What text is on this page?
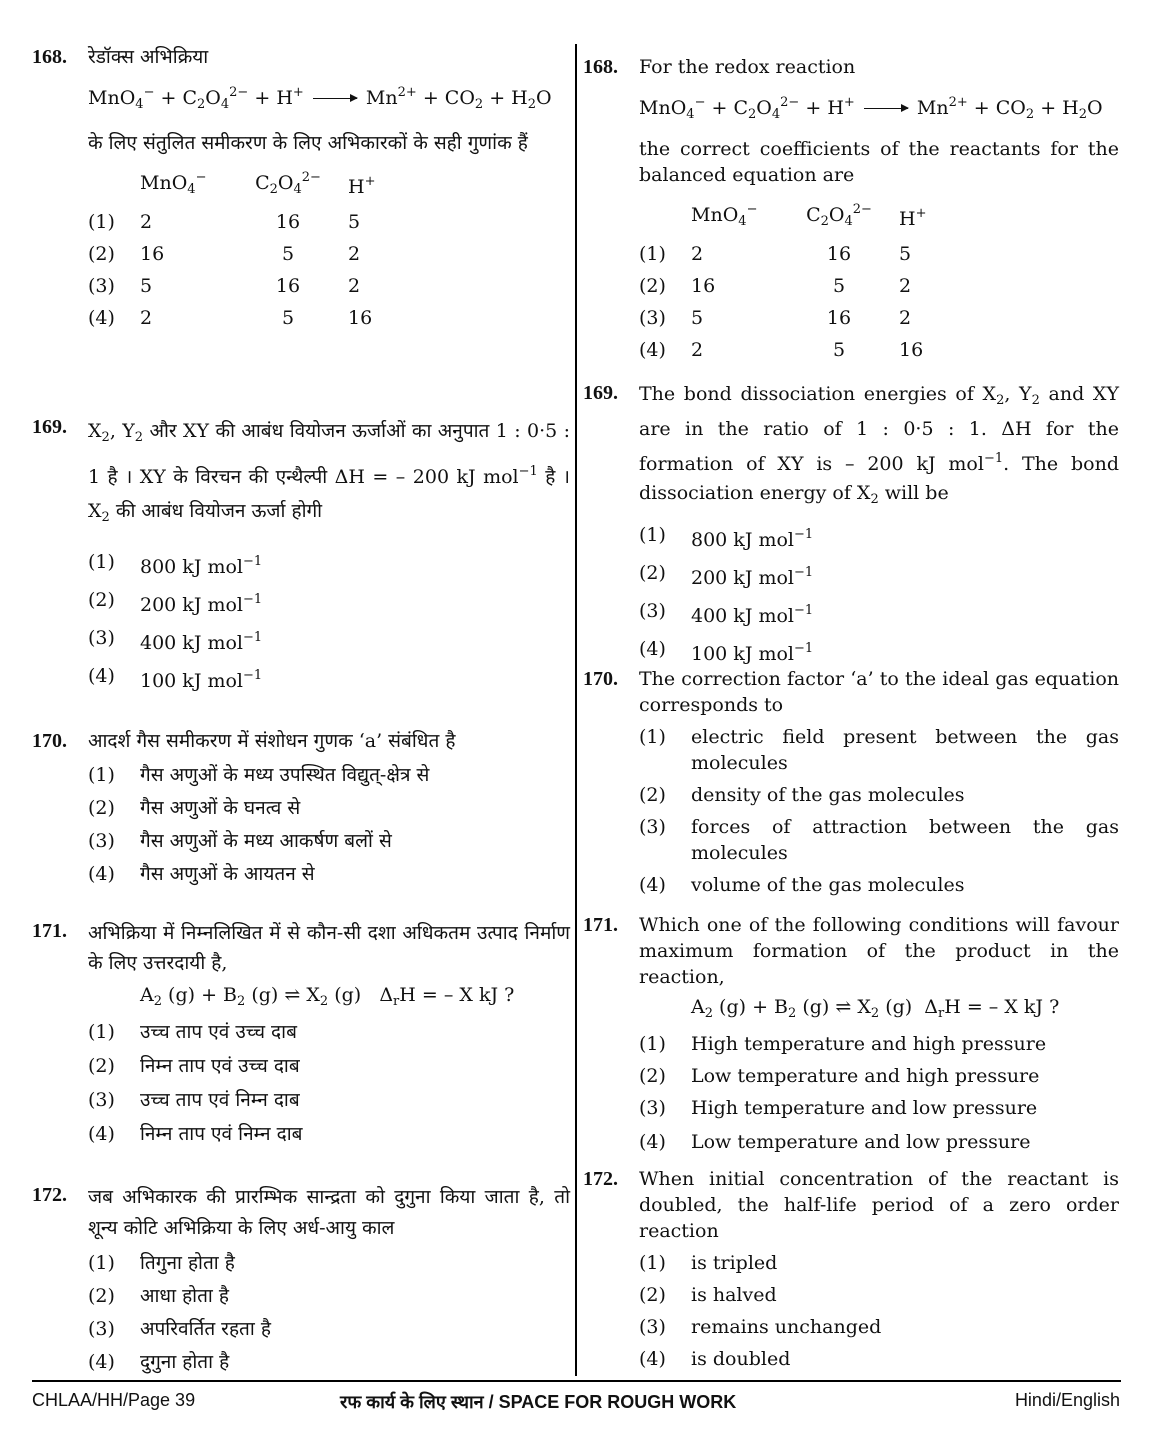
168. रेडॉक्स अभिक्रिया
$MnO_4^- + C_2O_4^{2-} + H^+ \to Mn^{2+} + CO_2 + H_2O$
के लिए संतुलित समीकरण के लिए अभिकारकों के सही गुणांक हैं
	MnO$_4$−	$C_2O_4^{2-}$	H+
(1)	2	16	5
(2)	16	5	2
(3)	5	16	2
(4)	2	5	16
169. $X_2$, $Y_2$ और XY की आबंध वियोजन ऊर्जाओं का अनुपात 1 : 0·5 : 1 है । XY के विरचन की एन्थैल्पी ΔH = – 200 kJ mol$^{-1}$ है । $X_2$ की आबंध वियोजन ऊर्जा होगी
(1) 800 kJ mol$^{-1}$
(2) 200 kJ mol$^{-1}$
(3) 400 kJ mol$^{-1}$
(4) 100 kJ mol$^{-1}$
170. आदर्श गैस समीकरण में संशोधन गुणक ‘a’ संबंधित है
(1) गैस अणुओं के मध्य उपस्थित विद्युत्-क्षेत्र से
(2) गैस अणुओं के घनत्व से
(3) गैस अणुओं के मध्य आकर्षण बलों से
(4) गैस अणुओं के आयतन से
171. अभिक्रिया में निम्नलिखित में से कौन-सी दशा अधिकतम उत्पाद निर्माण के लिए उत्तरदायी है,
$A_2$ $(g) + B_2$ (g) ⇌ $X_2$ (g) $\Delta_rH$ = – X kJ ?
(1) उच्च ताप एवं उच्च दाब
(2) निम्न ताप एवं उच्च दाब
(3) उच्च ताप एवं निम्न दाब
(4) निम्न ताप एवं निम्न दाब
172. जब अभिकारक की प्रारम्भिक सान्द्रता को दुगुना किया जाता है, तो शून्य कोटि अभिक्रिया के लिए अर्ध-आयु काल
(1) तिगुना होता है
(2) आधा होता है
(3) अपरिवर्तित रहता है
(4) दुगुना होता है
168. For the redox reaction
$MnO_4^- + C_2O_4^{2-} + H^+ \to Mn^{2+} + CO_2 + H_2O$
the correct coefficients of the reactants for the balanced equation are
	MnO$_4$−	$C_2O_4^{2-}$	H+
(1)	2	16	5
(2)	16	5	2
(3)	5	16	2
(4)	2	5	16
169. The bond dissociation energies of $X_2$, $Y_2$ and XY are in the ratio of 1 : 0·5 : 1. ΔH for the formation of XY is – 200 kJ mol$^{-1}$. The bond dissociation energy of $X_2$ will be
(1) 800 kJ mol$^{-1}$
(2) 200 kJ mol$^{-1}$
(3) 400 kJ mol$^{-1}$
(4) 100 kJ mol$^{-1}$
170. The correction factor ‘a’ to the ideal gas equation corresponds to
(1) electric field present between the gas molecules
(2) density of the gas molecules
(3) forces of attraction between the gas molecules
(4) volume of the gas molecules
171. Which one of the following conditions will favour maximum formation of the product in the reaction,
$A_2$ $(g) + B_2$ (g) ⇌ $X_2$ (g) $\Delta_rH$ = – X kJ ?
(1) High temperature and high pressure
(2) Low temperature and high pressure
(3) High temperature and low pressure
(4) Low temperature and low pressure
172. When initial concentration of the reactant is doubled, the half-life period of a zero order reaction
(1) is tripled
(2) is halved
(3) remains unchanged
(4) is doubled
CHLAA/HH/Page 39	रफ कार्य के लिए स्थान / SPACE FOR ROUGH WORK	Hindi/English
